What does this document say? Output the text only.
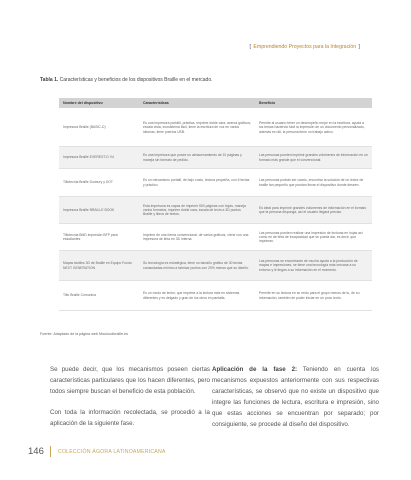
[ Emprendiendo Proyectos para la Integración ]
Tabla 1. Características y beneficios de los dispositivos Braille en el mercado.
Nombre del dispositivo	Características	Beneficio
Impresora Braille (BASIC-D)	Es una impresora portátil, práctica, imprime doble cara, acerca gráficos, escala vista, ecosistema fácil, tiene la escritura de voz en varios idiomas, tiene puertos USB.	Permite al usuario tener un desempeño mejor en la escritura, ayuda a los temas haciendo fácil la impresión de un documento personalizado, además es útil, la persona tiene un trabajo activo.
Impresora Braille EVEREST-D V4	Es una impresora que posee un almacenamiento de 10 páginas y maneja sin formato de pedido.	Las personas pueden imprimir grandes volúmenes de información en un formato más grande que el convencional.
Tiflotecnia Braille Duxbury y DOT	Es un mecanismo portátil, de bajo costo, lectura pequeña, con 6 teclas y práctico.	Las personas podrán ser usarlo, encontrar la solución de un lector de braille tan pequeño que puedan llevar el dispositivo donde deseen.
Impresora Braille BRAILLE BOOK	Esta impresora es capaz de imprimir 500 páginas con hojas, maneja varios formatos, imprime doble cara, escala de texto a 3D puntos Braille y libros de textos.	Es ideal para imprimir grandes volúmenes de información en el formato que la persona disponga, así el usuario llegará preciso.
Tiflotecnia BMD impresión BFP para estudiantes	Imprime de una forma convencional, de varios gráficos, viene con una impresora de tinta en 3D interna.	Las personas pueden realizar una impresión de lecturas en hojas así como en de tinta de incapacidad que se pueda dar, es decir, que impriman.
Mapas táctiles 3D de Braille en Equipo Fundo NEXT GENERATION	Su tecnología es estratégica, tiene un tamaño gráfico de 30 teclas comandadas mínimo a fabricar puntos con 20% menos que su diseño.	Las personas se encontrarán de mucha ayuda a la producción de mapas e impresiones, se tiene una tecnología más cercana a su entorno y le llegan a su información en el momento.
Tiflo Braille Comunica	Es un modo de lector, que imprime a la lectura más en sistemas diferentes y es delgado y gran de los otros en pantalla.	Permite en su lectura en su resto para el grupo menos de tu, de su información, también de poder iniciar en un poco lento.
Fuente: Adaptado de la página web Mouloudbraille.es

Se puede decir, que los mecanismos poseen ciertas características particulares que los hacen diferentes, pero todos siempre buscan el beneficio de esta población.

Con toda la información recolectada, se procedió a la aplicación de la siguiente fase.

Aplicación de la fase 2: Teniendo en cuenta los mecanismos expuestos anteriormente con sus respectivas características, se observó que no existe un dispositivo que integre las funciones de lectura, escritura e impresión, sino que estas acciones se encuentran por separado; por consiguiente, se procede al diseño del dispositivo.

146	COLECCIÓN ÁGORA LATINOAMERICANA
